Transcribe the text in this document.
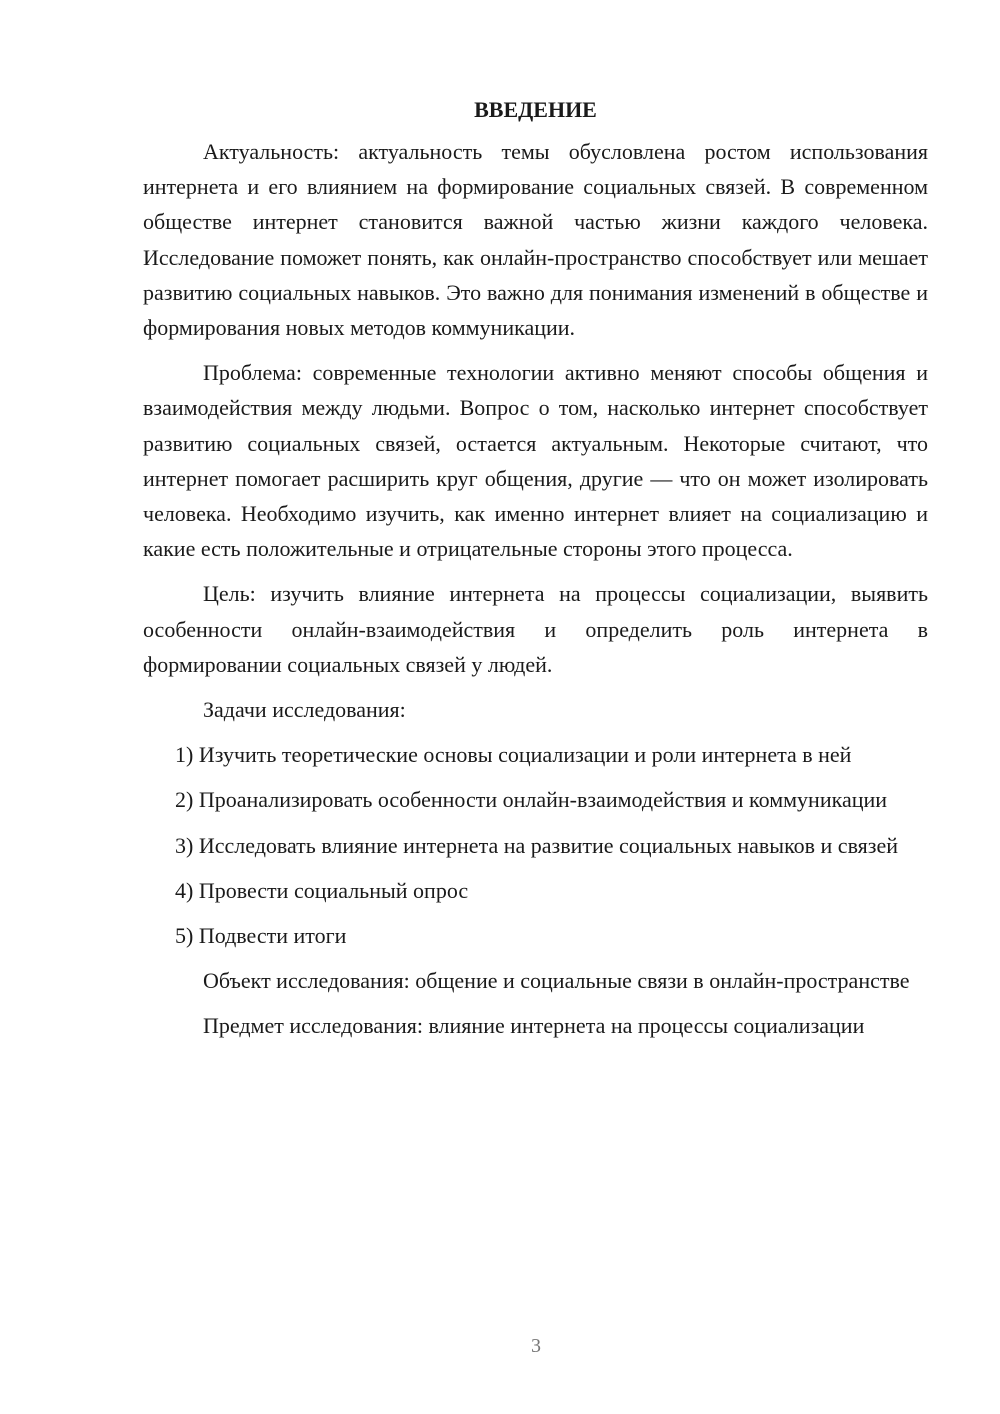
ВВЕДЕНИЕ

Актуальность: актуальность темы обусловлена ростом использования интернета и его влиянием на формирование социальных связей. В современном обществе интернет становится важной частью жизни каждого человека. Исследование поможет понять, как онлайн-пространство способствует или мешает развитию социальных навыков. Это важно для понимания изменений в обществе и формирования новых методов коммуникации.

Проблема: современные технологии активно меняют способы общения и взаимодействия между людьми. Вопрос о том, насколько интернет способствует развитию социальных связей, остается актуальным. Некоторые считают, что интернет помогает расширить круг общения, другие — что он может изолировать человека. Необходимо изучить, как именно интернет влияет на социализацию и какие есть положительные и отрицательные стороны этого процесса.

Цель: изучить влияние интернета на процессы социализации, выявить особенности онлайн-взаимодействия и определить роль интернета в формировании социальных связей у людей.

Задачи исследования:

1) Изучить теоретические основы социализации и роли интернета в ней

2) Проанализировать особенности онлайн-взаимодействия и коммуникации

3) Исследовать влияние интернета на развитие социальных навыков и связей

4) Провести социальный опрос

5) Подвести итоги

Объект исследования: общение и социальные связи в онлайн-пространстве

Предмет исследования: влияние интернета на процессы социализации

3
